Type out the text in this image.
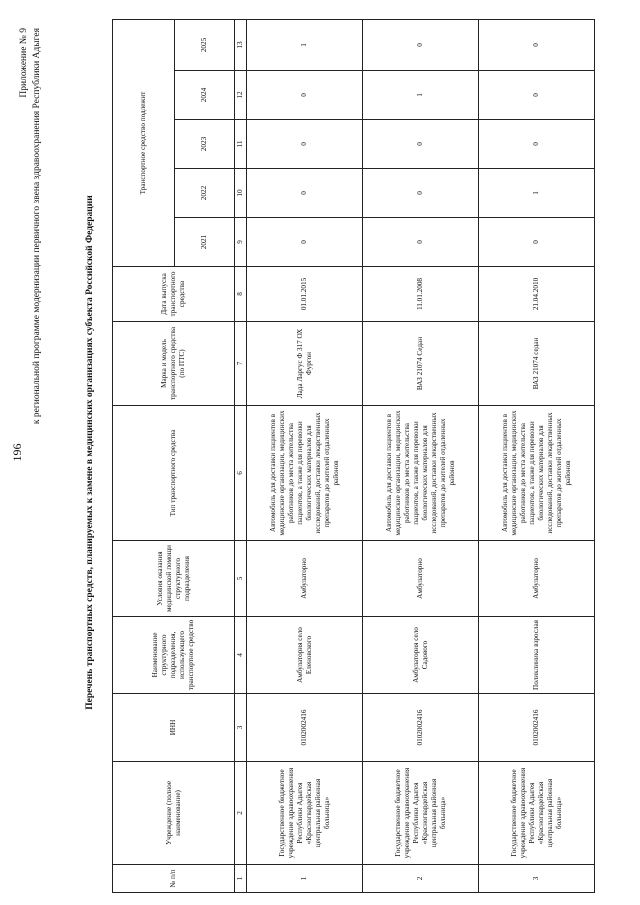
196
Приложение № 9 к региональной программе модернизации первичного звена здравоохранения Республики Адыгея	Перечень транспортных средств, планируемых к замене в медицинских организациях субъекта Российской Федерации
№ п/п	Учреждение (полное наименование)	ИНН	Наименование структурного подразделения, использующего транспортное средство	Условия оказания медицинской помощи структурного подразделения	Тип транспортного средства	Марка и модель транспортного средства (по ПТС)	Дата выпуска транспортного средства	Транспортное средство подлежит				
								2021	2022	2023	2024	2025
1	2	3	4	5	6	7	8	9	10	11	12	13
1	Государственное бюджетное учреждение здравоохранения Республики Адыгея «Красногвардейская центральная районная больница»	0102002416	Амбулатория село Еленовского	Амбулаторно	Автомобиль для доставки пациентов в медицинские организации, медицинских работников до места жительства пациентов, а также для перевозки биологических материалов для исследований, доставки лекарственных препаратов до жителей отдаленных районов	Лада Ларгус Ф 317 ОХ Фургон	01.01.2015	0	0	0	0	1
2	Государственное бюджетное учреждение здравоохранения Республики Адыгея «Красногвардейская центральная районная больница»	0102002416	Амбулатория село Садового	Амбулаторно	Автомобиль для доставки пациентов в медицинские организации, медицинских работников до места жительства пациентов, а также для перевозки биологических материалов для исследований, доставки лекарственных препаратов до жителей отдаленных районов	ВАЗ 21074 Седан	11.01.2008	0	0	0	1	0
3	Государственное бюджетное учреждение здравоохранения Республики Адыгея «Красногвардейская центральная районная больница»	0102002416	Поликлиника взрослая	Амбулаторно	Автомобиль для доставки пациентов в медицинские организации, медицинских работников до места жительства пациентов, а также для перевозки биологических материалов для исследований, доставки лекарственных препаратов до жителей отдаленных районов	ВАЗ 21074 седан	21.04.2010	0	1	0	0	0
